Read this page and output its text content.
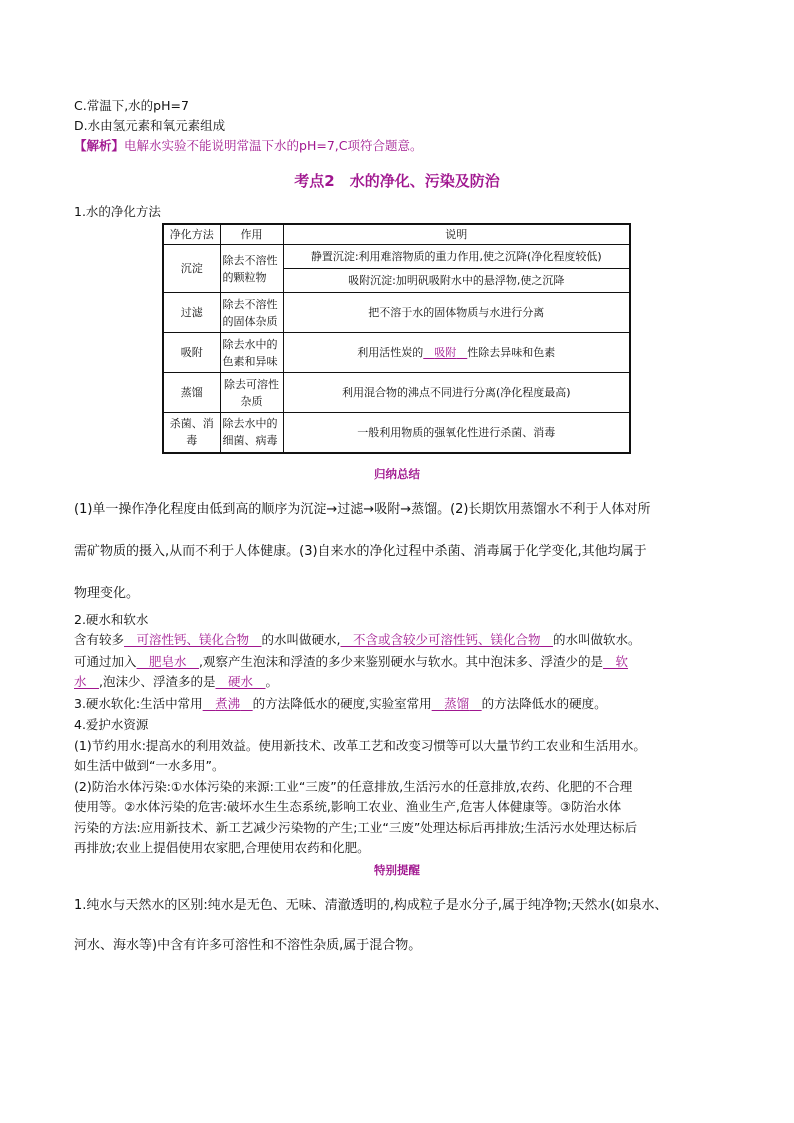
C.常温下,水的pH=7
D.水由氢元素和氧元素组成
【解析】电解水实验不能说明常温下水的pH=7,C项符合题意。
考点2　水的净化、污染及防治
1.水的净化方法
净化方法	作用	说明
沉淀	除去不溶性的颗粒物	静置沉淀:利用难溶物质的重力作用,使之沉降(净化程度较低)
		吸附沉淀:加明矾吸附水中的悬浮物,使之沉降
过滤	除去不溶性的固体杂质	把不溶于水的固体物质与水进行分离
吸附	除去水中的色素和异味	利用活性炭的  吸附  性除去异味和色素
蒸馏	除去可溶性杂质	利用混合物的沸点不同进行分离(净化程度最高)
杀菌、消毒	除去水中的细菌、病毒	一般利用物质的强氧化性进行杀菌、消毒
归纳总结
(1)单一操作净化程度由低到高的顺序为沉淀→过滤→吸附→蒸馏。(2)长期饮用蒸馏水不利于人体对所
需矿物质的摄入,从而不利于人体健康。(3)自来水的净化过程中杀菌、消毒属于化学变化,其他均属于
物理变化。
2.硬水和软水
含有较多  可溶性钙、镁化合物  的水叫做硬水,  不含或含较少可溶性钙、镁化合物  的水叫做软水。
可通过加入  肥皂水  ,观察产生泡沫和浮渣的多少来鉴别硬水与软水。其中泡沫多、浮渣少的是  软
水  ,泡沫少、浮渣多的是  硬水  。
3.硬水软化:生活中常用  煮沸  的方法降低水的硬度,实验室常用  蒸馏  的方法降低水的硬度。
4.爱护水资源
(1)节约用水:提高水的利用效益。使用新技术、改革工艺和改变习惯等可以大量节约工农业和生活用水。
如生活中做到“一水多用”。
(2)防治水体污染:①水体污染的来源:工业“三废”的任意排放,生活污水的任意排放,农药、化肥的不合理
使用等。②水体污染的危害:破坏水生生态系统,影响工农业、渔业生产,危害人体健康等。③防治水体
污染的方法:应用新技术、新工艺减少污染物的产生;工业“三废”处理达标后再排放;生活污水处理达标后
再排放;农业上提倡使用农家肥,合理使用农药和化肥。
特别提醒
1.纯水与天然水的区别:纯水是无色、无味、清澈透明的,构成粒子是水分子,属于纯净物;天然水(如泉水、
河水、海水等)中含有许多可溶性和不溶性杂质,属于混合物。
